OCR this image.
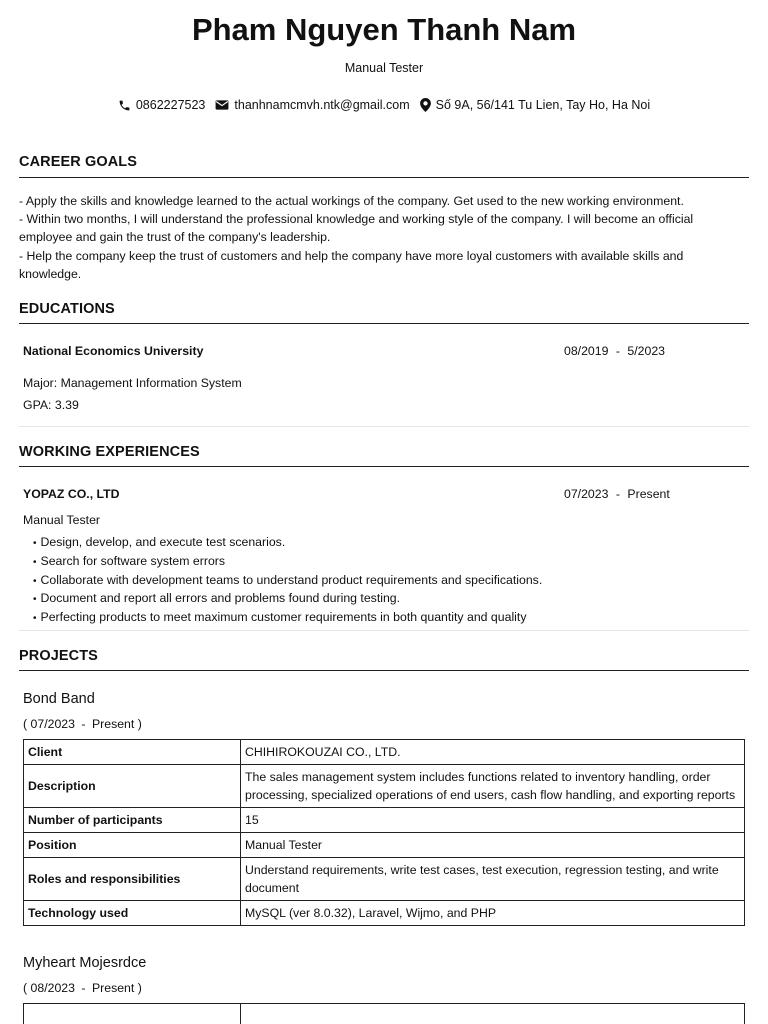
Pham Nguyen Thanh Nam
Manual Tester
0862227523 thanhnamcmvh.ntk@gmail.com Số 9A, 56/141 Tu Lien, Tay Ho, Ha Noi
CAREER GOALS

- Apply the skills and knowledge learned to the actual workings of the company. Get used to the new working environment.

- Within two months, I will understand the professional knowledge and working style of the company. I will become an official employee and gain the trust of the company's leadership.

- Help the company keep the trust of customers and help the company have more loyal customers with available skills and knowledge.

EDUCATIONS
National Economics University	08/2019 - 5/2023
Major: Management Information System
GPA: 3.39
WORKING EXPERIENCES
YOPAZ CO., LTD	07/2023 - Present
Manual Tester
• Design, develop, and execute test scenarios.
• Search for software system errors
• Collaborate with development teams to understand product requirements and specifications.
• Document and report all errors and problems found during testing.
• Perfecting products to meet maximum customer requirements in both quantity and quality
PROJECTS
Bond Band
( 07/2023 - Present )
Client	CHIHIROKOUZAI CO., LTD.
Description	The sales management system includes functions related to inventory handling, order processing, specialized operations of end users, cash flow handling, and exporting reports
Number of participants	15
Position	Manual Tester
Roles and responsibilities	Understand requirements, write test cases, test execution, regression testing, and write document
Technology used	MySQL (ver 8.0.32), Laravel, Wijmo, and PHP
Myheart Mojesrdce
( 08/2023 - Present )
